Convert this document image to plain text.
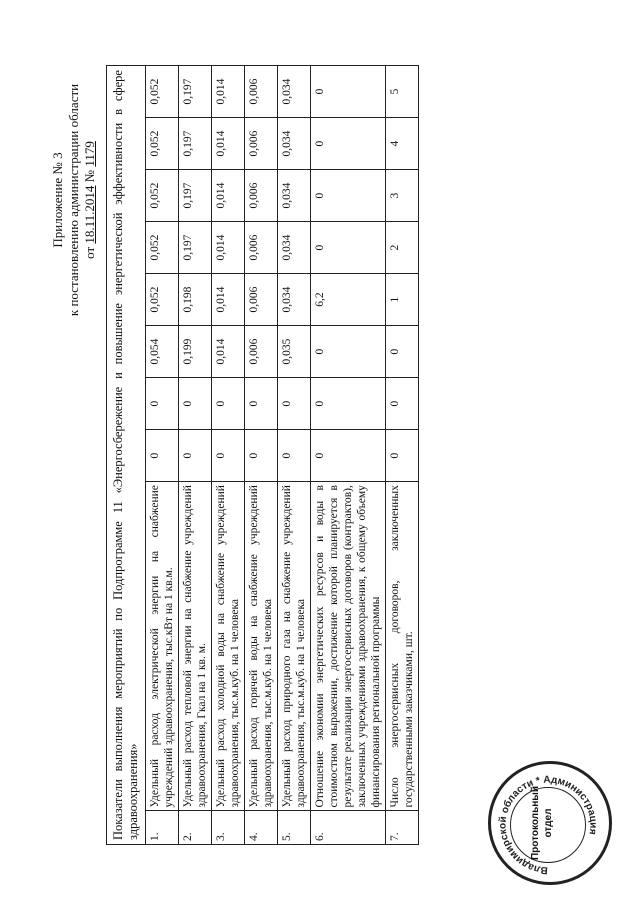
Приложение № 3 к постановлению администрации области от 18.11.2014 № 1179 Показатели выполнения мероприятий по Подпрограмме 11 «Энергосбережение и повышение энергетической эффективности в сфере здравоохранения»									
1.	Удельный расход электрической энергии на снабжение учреждений здравоохранения, тыс.кВт на 1 кв.м.	0	0	0,054	0,052	0,052	0,052	0,052	0,052
2.	Удельный расход тепловой энергии на снабжение учреждений здравоохранения, Гкал на 1 кв. м.	0	0	0,199	0,198	0,197	0,197	0,197	0,197
3.	Удельный расход холодной воды на снабжение учреждений здравоохранения, тыс.м.куб. на 1 человека	0	0	0,014	0,014	0,014	0,014	0,014	0,014
4.	Удельный расход горячей воды на снабжение учреждений здравоохранения, тыс.м.куб. на 1 человека	0	0	0,006	0,006	0,006	0,006	0,006	0,006
5.	Удельный расход природного газа на снабжение учреждений здравоохранения, тыс.м.куб. на 1 человека	0	0	0,035	0,034	0,034	0,034	0,034	0,034
6.	Отношение экономии энергетических ресурсов и воды в стоимостном выражении, достижение которой планируется в результате реализации энергосервисных договоров (контрактов), заключенных учреждениями здравоохранения, к общему объему финансирования региональной программы	0	0	0	6,2	0	0	0	0
7.	Число энергосервисных договоров, заключенных государственными заказчиками, шт.	0	0	0	1	2	3	4	5
Владимирской области * Администрация
Протокольный отдел
